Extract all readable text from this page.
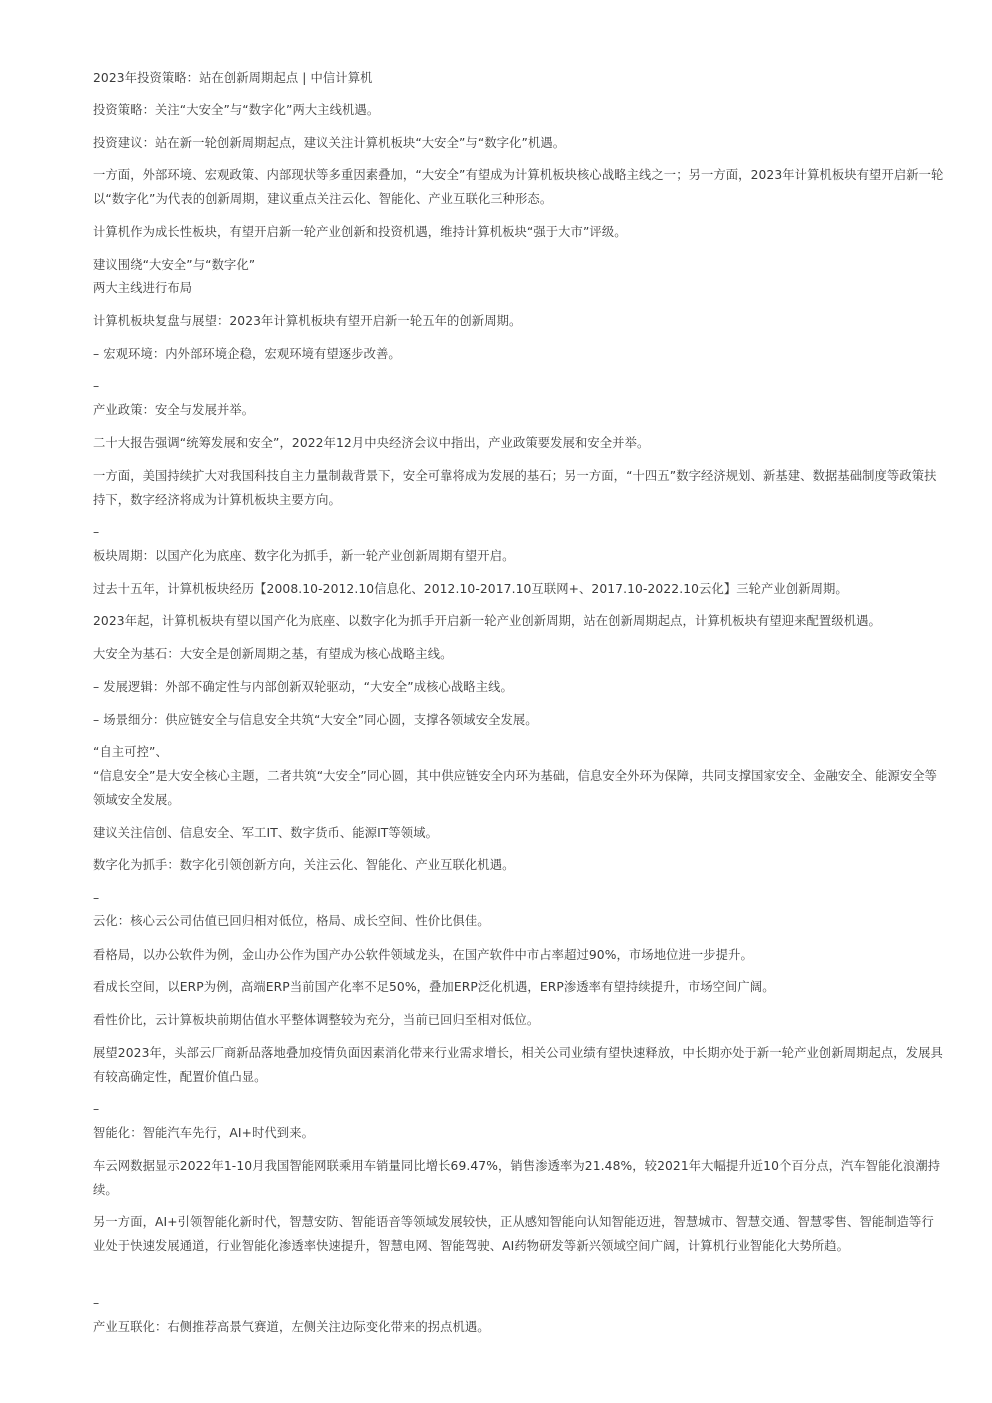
2023年投资策略：站在创新周期起点 | 中信计算机

投资策略：关注“大安全”与“数字化”两大主线机遇。

投资建议：站在新一轮创新周期起点，建议关注计算机板块“大安全”与“数字化”机遇。

一方面，外部环境、宏观政策、内部现状等多重因素叠加，“大安全”有望成为计算机板块核心战略主线之一；另一方面，2023年计算机板块有望开启新一轮以“数字化”为代表的创新周期，建议重点关注云化、智能化、产业互联化三种形态。

计算机作为成长性板块，有望开启新一轮产业创新和投资机遇，维持计算机板块“强于大市”评级。

建议围绕“大安全”与“数字化”

两大主线进行布局

计算机板块复盘与展望：2023年计算机板块有望开启新一轮五年的创新周期。

– 宏观环境：内外部环境企稳，宏观环境有望逐步改善。

–

产业政策：安全与发展并举。

二十大报告强调“统筹发展和安全”，2022年12月中央经济会议中指出，产业政策要发展和安全并举。

一方面，美国持续扩大对我国科技自主力量制裁背景下，安全可靠将成为发展的基石；另一方面，“十四五”数字经济规划、新基建、数据基础制度等政策扶持下，数字经济将成为计算机板块主要方向。

–

板块周期：以国产化为底座、数字化为抓手，新一轮产业创新周期有望开启。

过去十五年，计算机板块经历【2008.10-2012.10信息化、2012.10-2017.10互联网+、2017.10-2022.10云化】三轮产业创新周期。

2023年起，计算机板块有望以国产化为底座、以数字化为抓手开启新一轮产业创新周期，站在创新周期起点，计算机板块有望迎来配置级机遇。

大安全为基石：大安全是创新周期之基，有望成为核心战略主线。

– 发展逻辑：外部不确定性与内部创新双轮驱动，“大安全”成核心战略主线。

– 场景细分：供应链安全与信息安全共筑“大安全”同心圆，支撑各领域安全发展。

“自主可控”、

“信息安全”是大安全核心主题，二者共筑“大安全”同心圆，其中供应链安全内环为基础，信息安全外环为保障，共同支撑国家安全、金融安全、能源安全等领域安全发展。

建议关注信创、信息安全、军工IT、数字货币、能源IT等领域。

数字化为抓手：数字化引领创新方向，关注云化、智能化、产业互联化机遇。

–

云化：核心云公司估值已回归相对低位，格局、成长空间、性价比俱佳。

看格局，以办公软件为例，金山办公作为国产办公软件领域龙头，在国产软件中市占率超过90%，市场地位进一步提升。

看成长空间，以ERP为例，高端ERP当前国产化率不足50%，叠加ERP泛化机遇，ERP渗透率有望持续提升，市场空间广阔。

看性价比，云计算板块前期估值水平整体调整较为充分，当前已回归至相对低位。

展望2023年，头部云厂商新品落地叠加疫情负面因素消化带来行业需求增长，相关公司业绩有望快速释放，中长期亦处于新一轮产业创新周期起点，发展具有较高确定性，配置价值凸显。

–

智能化：智能汽车先行，AI+时代到来。

车云网数据显示2022年1-10月我国智能网联乘用车销量同比增长69.47%，销售渗透率为21.48%，较2021年大幅提升近10个百分点，汽车智能化浪潮持续。

另一方面，AI+引领智能化新时代，智慧安防、智能语音等领域发展较快，正从感知智能向认知智能迈进，智慧城市、智慧交通、智慧零售、智能制造等行业处于快速发展通道，行业智能化渗透率快速提升，智慧电网、智能驾驶、AI药物研发等新兴领域空间广阔，计算机行业智能化大势所趋。

–

产业互联化：右侧推荐高景气赛道，左侧关注边际变化带来的拐点机遇。
